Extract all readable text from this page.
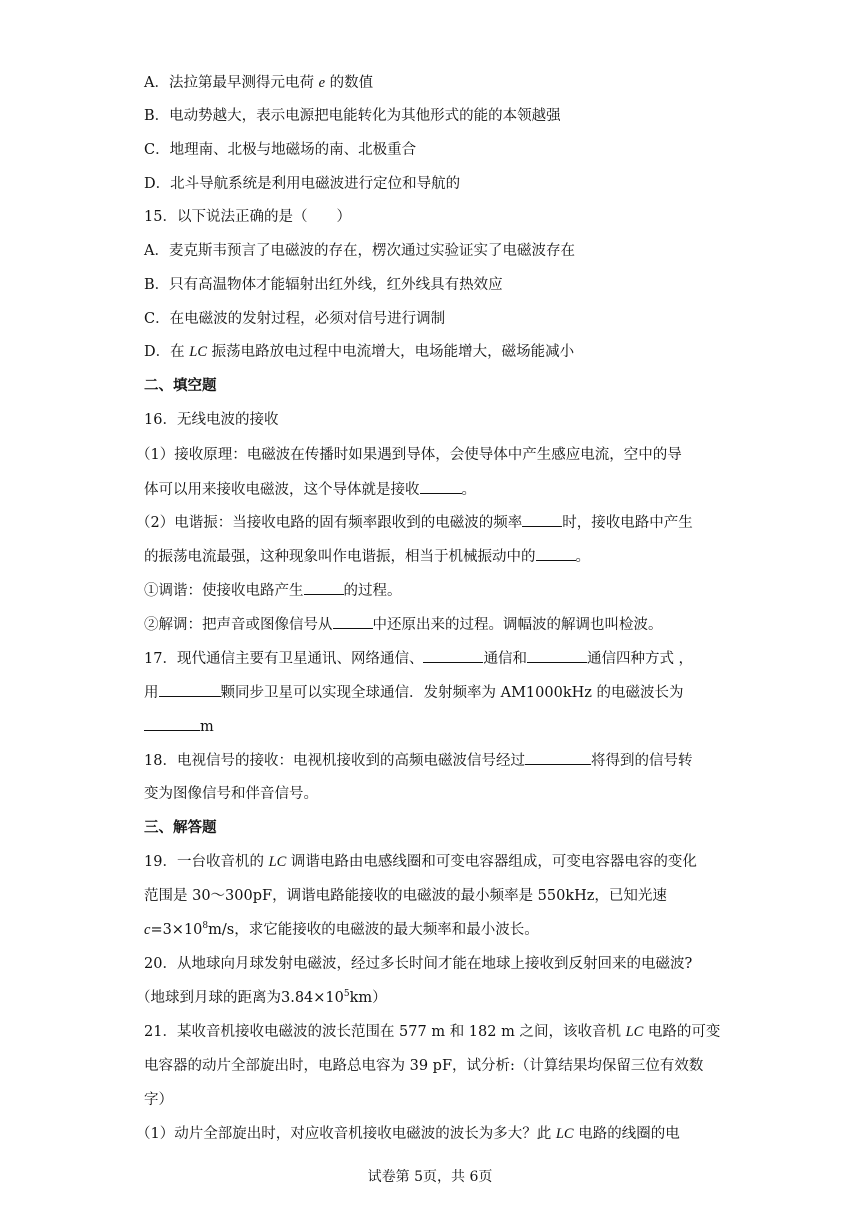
A．法拉第最早测得元电荷 e 的数值
B．电动势越大，表示电源把电能转化为其他形式的能的本领越强
C．地理南、北极与地磁场的南、北极重合
D．北斗导航系统是利用电磁波进行定位和导航的
15．以下说法正确的是（　　）
A．麦克斯韦预言了电磁波的存在，楞次通过实验证实了电磁波存在
B．只有高温物体才能辐射出红外线，红外线具有热效应
C．在电磁波的发射过程，必须对信号进行调制
D．在 LC 振荡电路放电过程中电流增大，电场能增大，磁场能减小
二、填空题
16．无线电波的接收
（1）接收原理：电磁波在传播时如果遇到导体，会使导体中产生感应电流，空中的导
体可以用来接收电磁波，这个导体就是接收	。
（2）电谐振：当接收电路的固有频率跟收到的电磁波的频率	时，接收电路中产生
的振荡电流最强，这种现象叫作电谐振，相当于机械振动中的	。
①调谐：使接收电路产生	的过程。
②解调：把声音或图像信号从	中还原出来的过程。调幅波的解调也叫检波。
17．现代通信主要有卫星通讯、网络通信、	通信和	通信四种方式 ，
用	颗同步卫星可以实现全球通信．发射频率为 AM1000kHz 的电磁波长为
m
18．电视信号的接收：电视机接收到的高频电磁波信号经过	将得到的信号转
变为图像信号和伴音信号。
三、解答题
19．一台收音机的 LC 调谐电路由电感线圈和可变电容器组成，可变电容器电容的变化
范围是 30～300pF，调谐电路能接收的电磁波的最小频率是 550kHz，已知光速
$c=3\times 10^8m/s$，求它能接收的电磁波的最大频率和最小波长。
20．从地球向月球发射电磁波，经过多长时间才能在地球上接收到反射回来的电磁波?
（地球到月球的距离为$3.84\times 10^5km$）
21．某收音机接收电磁波的波长范围在 577 m 和 182 m 之间，该收音机 LC 电路的可变
电容器的动片全部旋出时，电路总电容为 39 pF，试分析:（计算结果均保留三位有效数
字）
（1）动片全部旋出时，对应收音机接收电磁波的波长为多大？此 LC 电路的线圈的电
试卷第 5页，共 6页
